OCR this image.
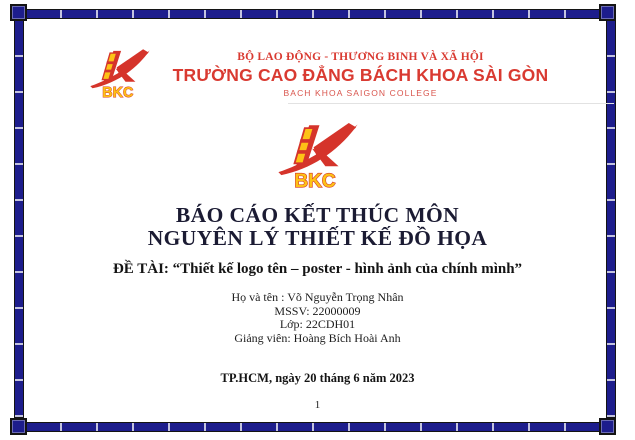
BKC
BỘ LAO ĐỘNG - THƯƠNG BINH VÀ XÃ HỘI
TRƯỜNG CAO ĐẲNG BÁCH KHOA SÀI GÒN
BACH KHOA SAIGON COLLEGE
BKC
BÁO CÁO KẾT THÚC MÔN
NGUYÊN LÝ THIẾT KẾ ĐỒ HỌA
ĐỀ TÀI: “Thiết kế logo tên – poster - hình ảnh của chính mình”
Họ và tên : Võ Nguyễn Trọng Nhân
MSSV: 22000009
Lớp: 22CDH01
Giảng viên: Hoàng Bích Hoài Anh
TP.HCM, ngày 20 tháng 6 năm 2023
1
